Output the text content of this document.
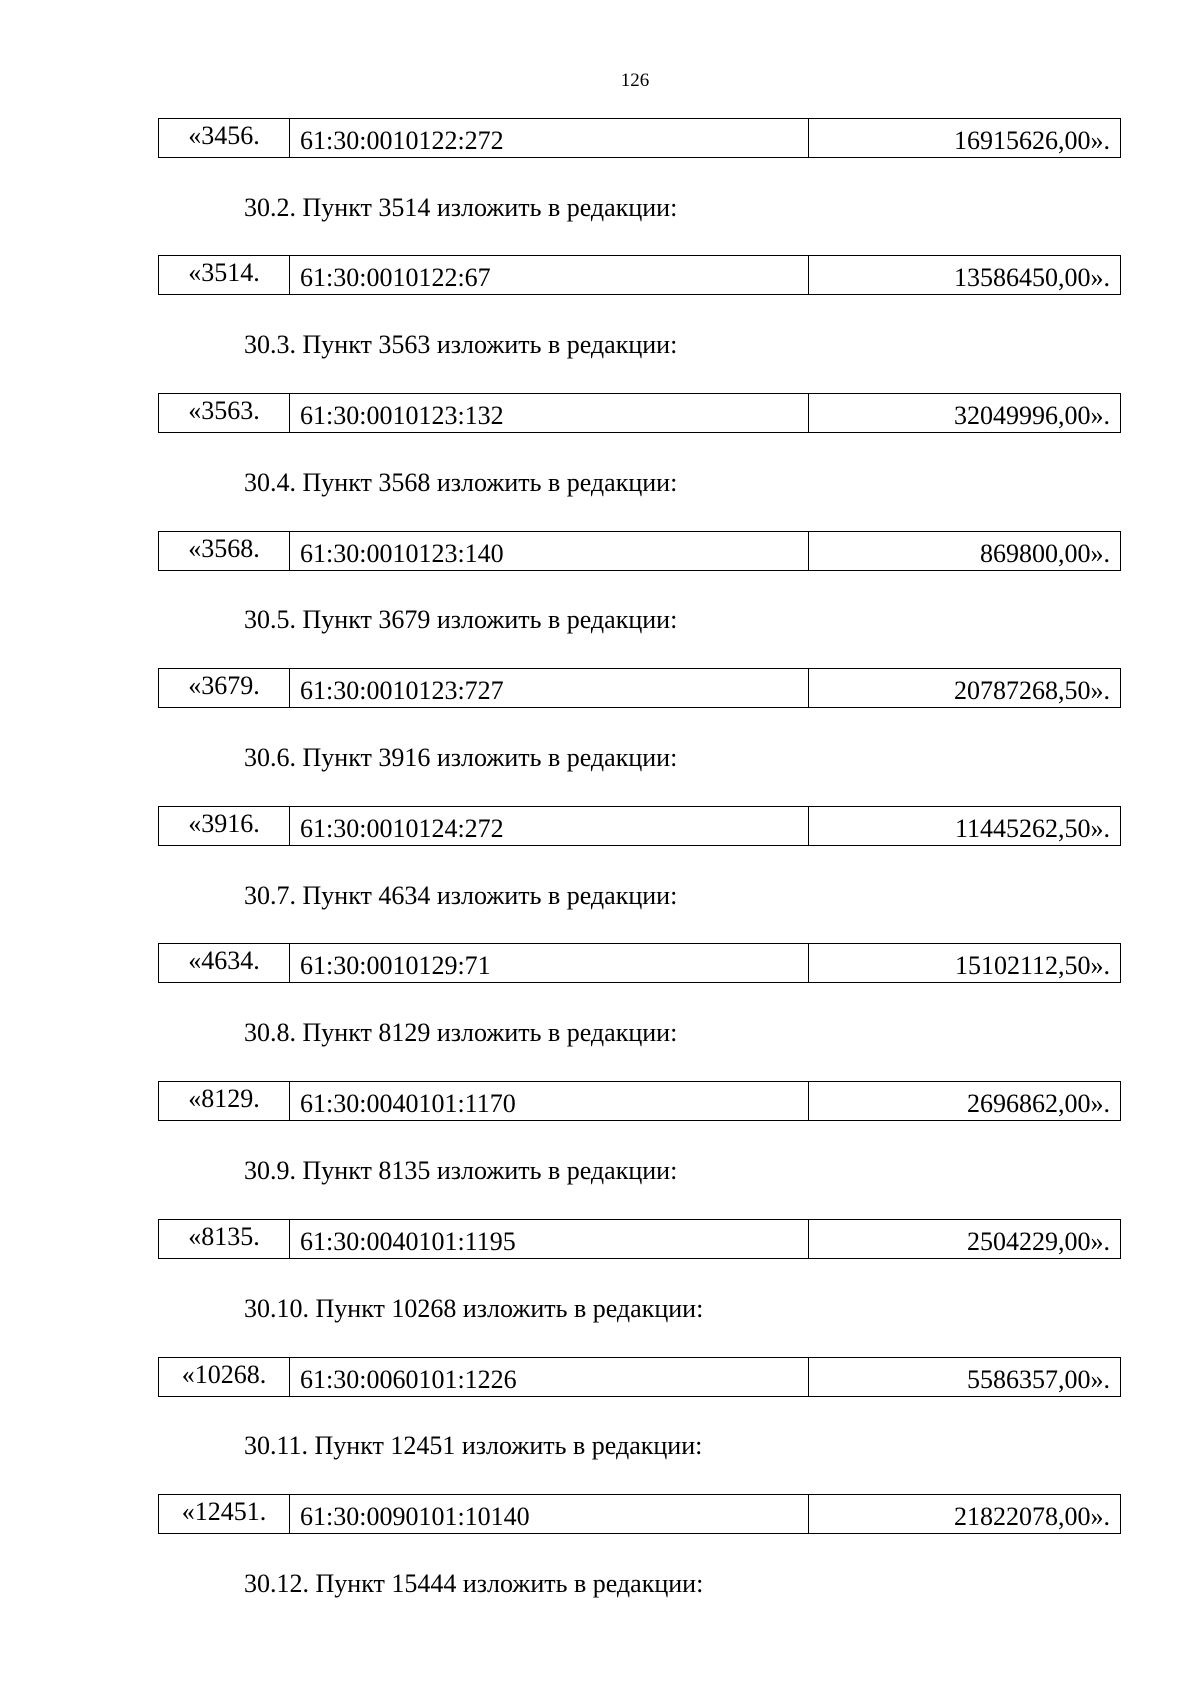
126
«3456.	61:30:0010122:272	16915626,00».
30.2. Пункт 3514 изложить в редакции:
«3514.	61:30:0010122:67	13586450,00».
30.3. Пункт 3563 изложить в редакции:
«3563.	61:30:0010123:132	32049996,00».
30.4. Пункт 3568 изложить в редакции:
«3568.	61:30:0010123:140	869800,00».
30.5. Пункт 3679 изложить в редакции:
«3679.	61:30:0010123:727	20787268,50».
30.6. Пункт 3916 изложить в редакции:
«3916.	61:30:0010124:272	11445262,50».
30.7. Пункт 4634 изложить в редакции:
«4634.	61:30:0010129:71	15102112,50».
30.8. Пункт 8129 изложить в редакции:
«8129.	61:30:0040101:1170	2696862,00».
30.9. Пункт 8135 изложить в редакции:
«8135.	61:30:0040101:1195	2504229,00».
30.10. Пункт 10268 изложить в редакции:
«10268.	61:30:0060101:1226	5586357,00».
30.11. Пункт 12451 изложить в редакции:
«12451.	61:30:0090101:10140	21822078,00».
30.12. Пункт 15444 изложить в редакции:
